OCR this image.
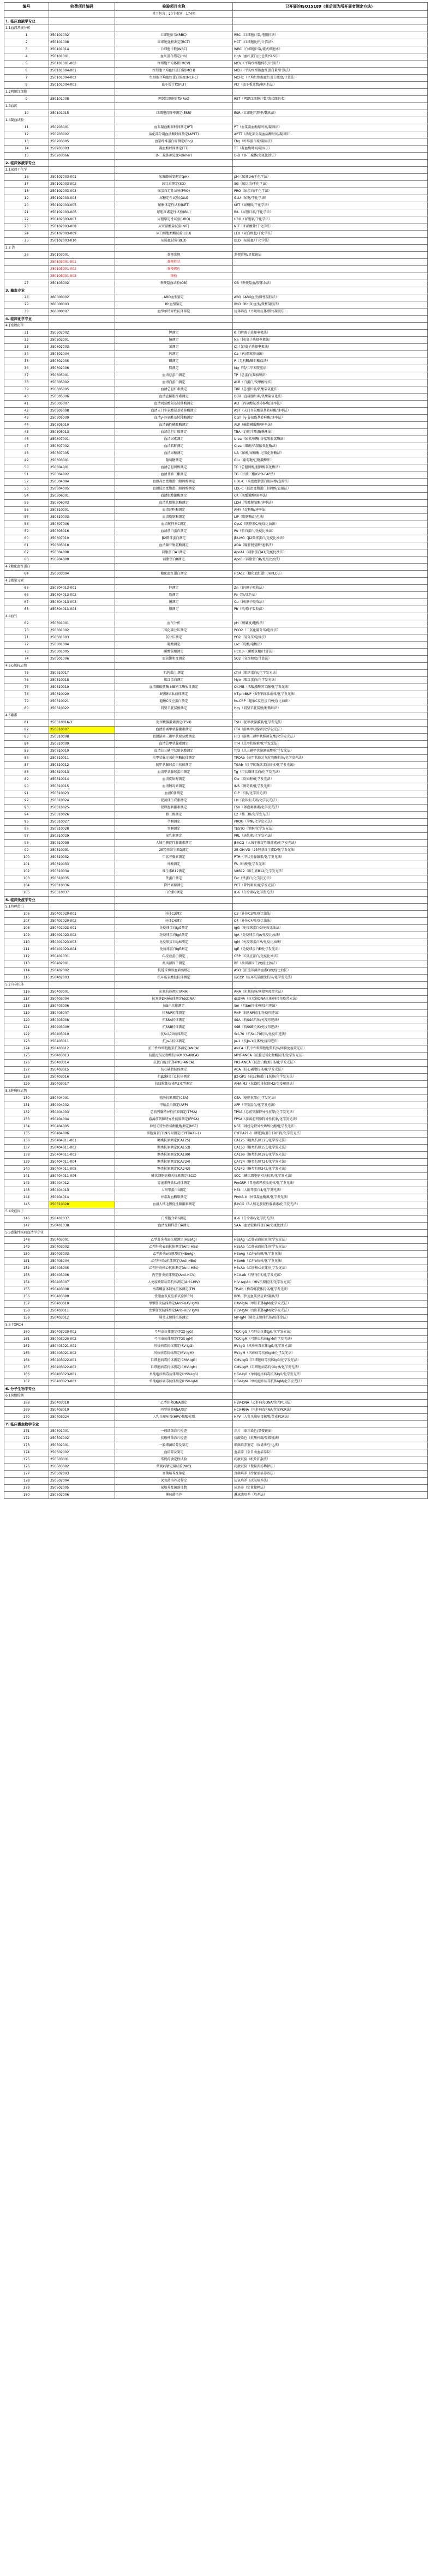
编号	收费项目编码	检验项目名称	已开展的ISO15189（其后面为所开展者测定方法）
		其下包含：20个类别，174项	
1. 临床血液学专业			
1.1血液常规分析			
1	250101002	红细胞计数(RBC)	RBC（红细胞计数/电阻抗法）
2	250101008	红细胞比积测定(HCT)	HCT（红细胞比积/计算法）
3	250101014	白细胞计数(WBC)	WBC（白细胞计数/流式细胞术）
4	250101001	血红蛋白测定(Hb)	Hgb（血红蛋白/比色法/SLS法）
5	250101001-003	红细胞平均体积(MCV)	MCV（平均红细胞体积/计算法）
6	250101004-001	红细胞平均血红蛋白量(MCH)	MCH（平均红细胞血红蛋白量/计算法）
7	250101004-002	红细胞平均血红蛋白浓度(MCHC)	MCHC（平均红细胞血红蛋白浓度/计算法）
8	250101004-003	血小板计数(PLT)	PLT（血小板计数/电阻抗法）
1.2网织红细胞			
9	250101008	网织红细胞计数(Ret)	RET（网织红细胞计数/流式细胞术）
1.3血沉			
10	250101015	红细胞沉降率测定(ESR)	ESR（红细胞沉降率/魏氏法）
1.4凝血试验			
11	250203001	血浆凝血酶原时间测定(PT)	PT（血浆凝血酶原时间/凝固法）
12	250203002	活化部分凝血活酶时间测定(APTT)	APTT（活化部分凝血活酶时间/凝固法）
13	250203005	血浆纤维蛋白原测定(Fbg)	Fbg（纤维蛋白原/凝固法）
14	250203003	凝血酶时间测定(TT)	TT（凝血酶时间/凝固法）
15	250203066	D-二聚体测定(D-Dimer)	D-D（D-二聚体/免疫比浊法）
2. 临床体液学专业			
2.1尿液干化学			
16	250102003-001	尿液酸碱度测定(pH)	pH（尿液pH/干化学法）
17	250102003-002	尿比重测定(SG)	SG（尿比重/干化学法）
18	250102003-003	尿蛋白定性试验(PRO)	PRO（尿蛋白/干化学法）
19	250102003-004	尿糖定性试验(GLU)	GLU（尿糖/干化学法）
20	250102003-005	尿酮体定性试验(KET)	KET（尿酮体/干化学法）
21	250102003-006	尿胆红素定性试验(BIL)	BIL（尿胆红素/干化学法）
22	250102003-007	尿胆原定性试验(URO)	URO（尿胆原/干化学法）
23	250102003-008	尿亚硝酸盐试验(NIT)	NIT（亚硝酸盐/干化学法）
24	250102003-009	尿白细胞酯酶试验(LEU)	LEU（尿白细胞/干化学法）
25	250102003-010	尿隐血试验(BLD)	BLD（尿隐血/干化学法）
2.2 粪			
26	250103001	粪便常规	粪便常规/显微镜法
	250103001-001	粪便性状	
	250103001-002	粪便颜色	
	250103001-003	镜检	
27	250103002	粪便隐血试验(OB)	OB（粪便隐血/胶体金法）
3. 输血专业			
28	260000002	ABO血型鉴定	ABO（ABO血型/微柱凝胶法）
29	260000003	Rh血型鉴定	RhD（Rh(D)血型/微柱凝胶法）
30	260000007	血型单特异性抗体筛选	抗体筛查（不规则抗体/微柱凝胶法）
4. 临床化学专业			
4.1常规化学			
31	250302002	钾测定	K（钾/离子选择电极法）
32	250302001	钠测定	Na（钠/离子选择电极法）
33	250302003	氯测定	Cl（氯/离子选择电极法）
34	250302004	钙测定	Ca（钙/偶氮胂III法）
35	250302005	磷测定	P（无机磷/磷钼酸盐法）
36	250302006	镁测定	Mg（镁/二甲苯胺蓝法）
37	250305001	血清总蛋白测定	TP（总蛋白/双缩脲法）
38	250305002	血清白蛋白测定	ALB（白蛋白/溴甲酚绿法）
39	250305005	血清总胆红素测定	TBil（总胆红素/钒酸盐氧化法）
40	250305006	血清直接胆红素测定	DBil（直接胆红素/钒酸盐氧化法）
41	250305007	血清丙氨酸氨基转移酶测定	ALT（丙氨酸氨基转移酶/速率法）
42	250305008	血清天门冬氨酸氨基转移酶测定	AST（天门冬氨酸氨基转移酶/速率法）
43	250305009	血清γ-谷氨酰基转移酶测定	GGT（γ-谷氨酰基转移酶/速率法）
44	250305010	血清碱性磷酸酶测定	ALP（碱性磷酸酶/速率法）
45	250305013	血清总胆汁酸测定	TBA（总胆汁酸/酶循环法）
46	250307001	血清尿素测定	Urea（尿素/脲酶-谷氨酸脱氢酶法）
47	250307002	血清肌酐测定	Crea（肌酐/肌氨酸氧化酶法）
48	250307005	血清尿酸测定	UA（尿酸/尿酸酶-过氧化物酶法）
49	250303001	葡萄糖测定	Glu（葡萄糖/己糖激酶法）
50	250304001	血清总胆固醇测定	TC（总胆固醇/胆固醇氧化酶法）
51	250304002	血清甘油三酯测定	TG（甘油三酯/GPO-PAP法）
52	250304004	血清高密度脂蛋白胆固醇测定	HDL-C（高密度脂蛋白胆固醇/直接法）
53	250304005	血清低密度脂蛋白胆固醇测定	LDL-C（低密度脂蛋白胆固醇/直接法）
54	250306001	血清肌酸激酶测定	CK（肌酸激酶/速率法）
55	250306003	血清乳酸脱氢酶测定	LDH（乳酸脱氢酶/速率法）
56	250310001	血清淀粉酶测定	AMY（淀粉酶/速率法）
57	250310003	血清脂肪酶测定	LIP（脂肪酶/比色法）
58	250307006	血清胱抑素C测定	CysC（胱抑素C/免疫比浊法）
59	250305016	血清前白蛋白测定	PA（前白蛋白/免疫比浊法）
60	250307010	β2微球蛋白测定	β2-MG（β2微球蛋白/免疫比浊法）
61	250305018	血清腺苷脱氨酶测定	ADA（腺苷脱氨酶/速率法）
62	250304008	载脂蛋白A1测定	ApoA1（载脂蛋白A1/免疫比浊法）
63	250304009	载脂蛋白B测定	ApoB（载脂蛋白B/免疫比浊法）
4.2糖化血红蛋白			
64	250303004	糖化血红蛋白测定	HbA1c（糖化血红蛋白/HPLC法）
4.3微量元素			
65	250304013-001	锌测定	Zn（锌/原子吸收法）
66	250304013-002	铁测定	Fe（铁/比色法）
67	250304013-003	铜测定	Cu（铜/原子吸收法）
68	250304013-004	铅测定	Pb（铅/原子吸收法）
4.4血气			
69	250301001	血气分析	pH（酸碱度/电极法）
70	250301002	二氧化碳分压测定	PCO2（二氧化碳分压/电极法）
71	250301003	氧分压测定	PO2（氧分压/电极法）
72	250301004	乳酸测定	Lac（乳酸/电极法）
73	250301005	碳酸氢根测定	HCO3-（碳酸氢根/计算法）
74	250301006	血氧饱和度测定	SO2（氧饱和度/计算法）
4.5心肌标志物			
75	250310017	肌钙蛋白I测定	cTnI（肌钙蛋白I/化学发光法）
76	250310018	肌红蛋白测定	Myo（肌红蛋白/化学发光法）
77	250310019	血清肌酸激酶-MB同工酶质量测定	CK-MB（肌酸激酶同工酶/化学发光法）
78	250310020	B型钠尿肽前体测定	NT-proBNP（B型钠尿肽前体/化学发光法）
79	250310021	超敏C反应蛋白测定	hs-CRP（超敏C反应蛋白/免疫比浊法）
80	250310022	同型半胱氨酸测定	Hcy（同型半胱氨酸/酶循环法）
4.6激素			
81	250310016-3	促甲状腺激素测定(TSH)	TSH（促甲状腺激素/化学发光法）
82	250310007	血清游离甲状腺激素测定	FT4（游离甲状腺素/化学发光法）
83	250310008	血清游离三碘甲状原氨酸测定	FT3（游离三碘甲状腺原氨酸/化学发光法）
84	250310009	血清总甲状腺素测定	TT4（总甲状腺素/化学发光法）
85	250310010	血清总三碘甲状原氨酸测定	TT3（总三碘甲状腺原氨酸/化学发光法）
86	250310011	抗甲状腺过氧化物酶抗体测定	TPOAb（抗甲状腺过氧化物酶抗体/化学发光法）
87	250310012	抗甲状腺球蛋白抗体测定	TGAb（抗甲状腺球蛋白抗体/化学发光法）
88	250310013	血清甲状腺球蛋白测定	Tg（甲状腺球蛋白/化学发光法）
89	250310014	血清皮质醇测定	Cor（皮质醇/化学发光法）
90	250310015	血清胰岛素测定	INS（胰岛素/化学发光法）
91	250310023	血清C肽测定	C-P（C肽/化学发光法）
92	250310024	促黄体生成素测定	LH（黄体生成素/化学发光法）
93	250310025	促卵泡刺激素测定	FSH（卵泡刺激素/化学发光法）
94	250310026	雌二醇测定	E2（雌二醇/化学发光法）
95	250310027	孕酮测定	PROG（孕酮/化学发光法）
96	250310028	睾酮测定	TESTO（睾酮/化学发光法）
97	250310029	泌乳素测定	PRL（泌乳素/化学发光法）
98	250310030	人绒毛膜促性腺激素测定	β-hCG（人绒毛膜促性腺激素/化学发光法）
99	250310031	25羟基维生素D测定	25-OH-VD（25羟基维生素D/化学发光法）
100	250310032	甲状旁腺素测定	PTH（甲状旁腺激素/化学发光法）
101	250310033	叶酸测定	FA（叶酸/化学发光法）
102	250310034	维生素B12测定	VitB12（维生素B12/化学发光法）
103	250310035	铁蛋白测定	Fer（铁蛋白/化学发光法）
104	250310036	降钙素原测定	PCT（降钙素原/化学发光法）
105	250310037	白介素6测定	IL-6（白介素6/化学发光法）
5. 临床免疫学专业			
5.1特种蛋白			
106	250401020-001	补体C3测定	C3（补体C3/免疫比浊法）
107	250401020-002	补体C4测定	C4（补体C4/免疫比浊法）
108	250401023-001	免疫球蛋白IgG测定	IgG（免疫球蛋白G/免疫比浊法）
109	250401023-002	免疫球蛋白IgA测定	IgA（免疫球蛋白A/免疫比浊法）
110	250401023-003	免疫球蛋白IgM测定	IgM（免疫球蛋白M/免疫比浊法）
111	250401023-004	免疫球蛋白IgE测定	IgE（免疫球蛋白E/化学发光法）
112	250401031	C-反应蛋白测定	CRP（C反应蛋白/免疫比浊法）
113	250402001	类风湿因子测定	RF（类风湿因子/免疫比浊法）
114	250402002	抗链球菌溶血素O测定	ASO（抗链球菌溶血素O/免疫比浊法）
115	250402003	抗环瓜氨酸肽抗体测定	抗CCP（抗环瓜氨酸肽抗体/化学发光法）
5.2自身抗体			
116	250403001	抗核抗体测定(ANA)	ANA（抗核抗体/间接免疫荧光法）
117	250403004	抗双链DNA抗体测定(dsDNA)	dsDNA（抗双链DNA抗体/间接免疫荧光法）
118	250403006	抗Sm抗体测定	Sm（抗Sm抗体/免疫印迹法）
119	250403007	抗RNP抗体测定	RNP（抗RNP抗体/免疫印迹法）
120	250403008	抗SSA抗体测定	SSA（抗SSA抗体/免疫印迹法）
121	250403009	抗SSB抗体测定	SSB（抗SSB抗体/免疫印迹法）
122	250403010	抗Scl-70抗体测定	Scl-70（抗Scl-70抗体/免疫印迹法）
123	250403011	抗Jo-1抗体测定	Jo-1（抗Jo-1抗体/免疫印迹法）
124	250403012	抗中性粒细胞胞浆抗体测定(ANCA)	ANCA（抗中性粒细胞胞浆抗体/间接免疫荧光法）
125	250403013	抗髓过氧化物酶抗体(MPO-ANCA)	MPO-ANCA（抗髓过氧化物酶抗体/化学发光法）
126	250403014	抗蛋白酶3抗体(PR3-ANCA)	PR3-ANCA（抗蛋白酶3抗体/化学发光法）
127	250403015	抗心磷脂抗体测定	ACA（抗心磷脂抗体/化学发光法）
128	250403016	抗β2糖蛋白1抗体测定	β2-GP1（抗β2糖蛋白1抗体/化学发光法）
129	250403017	抗线粒体抗体M2亚型测定	AMA-M2（抗线粒体抗体M2/免疫印迹法）
5.3肿瘤标志物			
130	250404001	癌胚抗原测定(CEA)	CEA（癌胚抗原/化学发光法）
131	250404002	甲胎蛋白测定(AFP)	AFP（甲胎蛋白/化学发光法）
132	250404003	总前列腺特异性抗原测定(TPSA)	TPSA（总前列腺特异性抗原/化学发光法）
133	250404004	游离前列腺特异性抗原测定(FPSA)	FPSA（游离前列腺特异性抗原/化学发光法）
134	250404005	神经元特异性烯醇化酶测定(NSE)	NSE（神经元特异性烯醇化酶/化学发光法）
135	250404006	细胞角蛋白19片段测定(CYFRA21-1)	CYFRA21-1（细胞角蛋白19片段/化学发光法）
136	250404011-001	糖类抗原测定(CA125)	CA125（糖类抗原125/化学发光法）
137	250404011-002	糖类抗原测定(CA153)	CA153（糖类抗原153/化学发光法）
138	250404011-003	糖类抗原测定(CA199)	CA199（糖类抗原199/化学发光法）
139	250404011-004	糖类抗原测定(CA724)	CA724（糖类抗原724/化学发光法）
140	250404011-005	糖类抗原测定(CA242)	CA242（糖类抗原242/化学发光法）
141	250404011-006	鳞状细胞癌相关抗原测定(SCC)	SCC（鳞状细胞癌相关抗原/化学发光法）
142	250404012	胃泌素释放肽前体测定	ProGRP（胃泌素释放肽前体/化学发光法）
143	250404013	人附睾蛋白4测定	HE4（人附睾蛋白4/化学发光法）
144	250404014	异常凝血酶原测定	PIVKA-II（异常凝血酶原/化学发光法）
145	250310028	血清人绒毛膜促性腺激素测定	β-hCG（β人绒毛膜促性腺激素/化学发光法）
5.4炎症因子			
146	250401037	白细胞介素6测定	IL-6（白介素6/化学发光法）
147	250401038	血清淀粉样蛋白A测定	SAA（血清淀粉样蛋白A/免疫比浊法）
5.5感染性疾病血清学专业			
148	250403001	乙型肝炎表面抗原测定(HBsAg)	HBsAg（乙肝表面抗原/化学发光法）
149	250403002	乙型肝炎表面抗体测定(Anti-HBs)	HBsAb（乙肝表面抗体/化学发光法）
150	250403003	乙型肝炎e抗原测定(HBeAg)	HBeAg（乙肝e抗原/化学发光法）
151	250403004	乙型肝炎e抗体测定(Anti-HBe)	HBeAb（乙肝e抗体/化学发光法）
152	250403005	乙型肝炎核心抗体测定(Anti-HBc)	HBcAb（乙肝核心抗体/化学发光法）
153	250403006	丙型肝炎抗体测定(Anti-HCV)	HCV-Ab（丙肝抗体/化学发光法）
154	250403007	人免疫缺陷病毒抗体测定(Anti-HIV)	HIV Ag/Ab（HIV抗原抗体/化学发光法）
155	250403008	梅毒螺旋体特异抗体测定(TP)	TP-Ab（梅毒螺旋体抗体/化学发光法）
156	250403009	快速血浆反应素试验(RPR)	RPR（快速血浆反应素/凝集法）
157	250403010	甲型肝炎抗体测定(Anti-HAV IgM)	HAV-IgM（甲肝抗体IgM/化学发光法）
158	250403011	戊型肝炎抗体测定(Anti-HEV IgM)	HEV-IgM（戊肝抗体IgM/化学发光法）
159	250403012	肺炎支原体抗体测定	MP-IgM（肺炎支原体抗体/胶体金法）
5.6 TORCH			
160	250403020-001	弓形虫抗体测定(TOX-IgG)	TOX-IgG（弓形虫抗体IgG/化学发光法）
161	250403020-002	弓形虫抗体测定(TOX-IgM)	TOX-IgM（弓形虫抗体IgM/化学发光法）
162	250403021-001	风疹病毒抗体测定(RV-IgG)	RV-IgG（风疹病毒抗体IgG/化学发光法）
163	250403021-002	风疹病毒抗体测定(RV-IgM)	RV-IgM（风疹病毒抗体IgM/化学发光法）
164	250403022-001	巨细胞病毒抗体测定(CMV-IgG)	CMV-IgG（巨细胞病毒抗体IgG/化学发光法）
165	250403022-002	巨细胞病毒抗体测定(CMV-IgM)	CMV-IgM（巨细胞病毒抗体IgM/化学发光法）
166	250403023-001	单纯疱疹病毒抗体测定(HSV-IgG)	HSV-IgG（单纯疱疹病毒抗体IgG/化学发光法）
167	250403023-002	单纯疱疹病毒抗体测定(HSV-IgM)	HSV-IgM（单纯疱疹病毒抗体IgM/化学发光法）
6. 分子生物学专业			
6.1核酸检测			
168	250403018	乙型肝炎DNA测定	HBV-DNA（乙肝病毒DNA/荧光PCR法）
169	250403019	丙型肝炎RNA测定	HCV-RNA（丙肝病毒RNA/荧光PCR法）
170	250403024	人乳头瘤病毒(HPV)核酸检测	HPV（人乳头瘤病毒核酸/荧光PCR法）
7. 临床微生物学专业			
171	250501001	一般细菌涂片检查	涂片（革兰染色/显微镜法）
172	250501002	抗酸杆菌涂片检查	抗酸染色（抗酸杆菌/显微镜法）
173	250502001	一般细菌培养及鉴定	细菌培养鉴定（质谱法/生化法）
174	250502002	血培养及鉴定	血培养（全自动血培养仪）
175	250503001	常规药敏定性试验	药敏试验（纸片扩散法）
176	250503002	常规药敏定量试验(MIC)	药敏试验（微量肉汤稀释法）
177	250502003	真菌培养及鉴定	真菌培养（沙保弱培养基法）
178	250502004	厌氧菌培养及鉴定	厌氧培养（厌氧培养法）
179	250502005	尿培养及菌落计数	尿培养（定量接种法）
180	250502006	淋球菌培养	淋球菌培养（培养法）
